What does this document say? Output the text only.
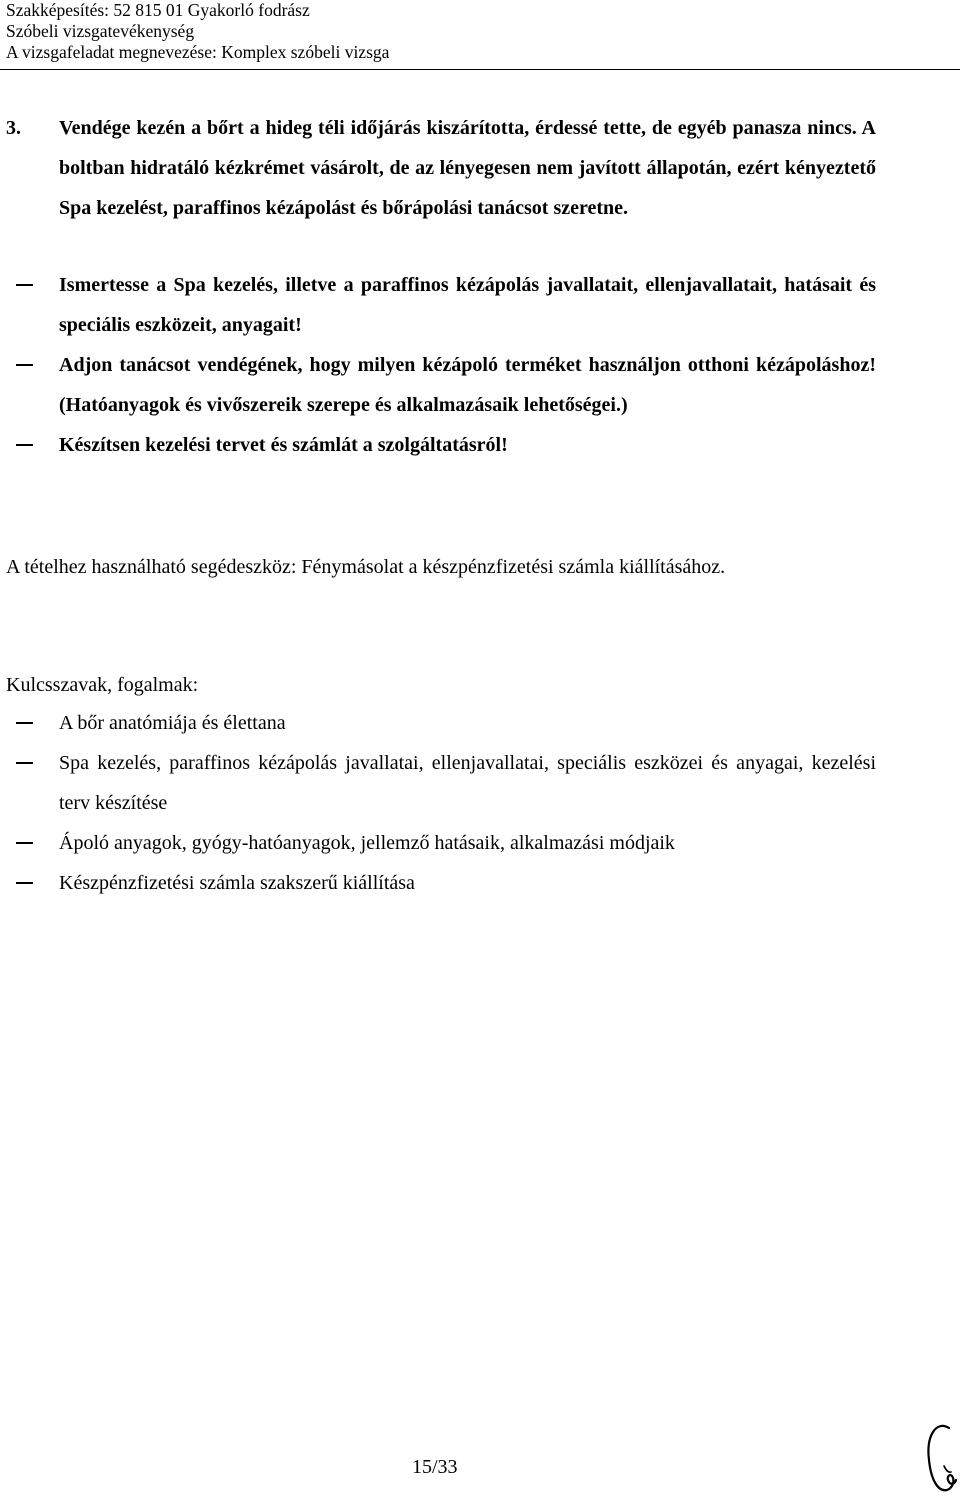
Szakképesítés: 52 815 01 Gyakorló fodrász
Szóbeli vizsgatevékenység
A vizsgafeladat megnevezése: Komplex szóbeli vizsga
3. Vendége kezén a bőrt a hideg téli időjárás kiszárította, érdessé tette, de egyéb panasza nincs. A boltban hidratáló kézkrémet vásárolt, de az lényegesen nem javított állapotán, ezért kényeztető Spa kezelést, paraffinos kézápolást és bőrápolási tanácsot szeretne.
Ismertesse a Spa kezelés, illetve a paraffinos kézápolás javallatait, ellenjavallatait, hatásait és speciális eszközeit, anyagait!
Adjon tanácsot vendégének, hogy milyen kézápoló terméket használjon otthoni kézápoláshoz! (Hatóanyagok és vivőszereik szerepe és alkalmazásaik lehetőségei.)
Készítsen kezelési tervet és számlát a szolgáltatásról!
A tételhez használható segédeszköz: Fénymásolat a készpénzfizetési számla kiállításához.
Kulcsszavak, fogalmak:
A bőr anatómiája és élettana
Spa kezelés, paraffinos kézápolás javallatai, ellenjavallatai, speciális eszközei és anyagai, kezelési terv készítése
Ápoló anyagok, gyógy-hatóanyagok, jellemző hatásaik, alkalmazási módjaik
Készpénzfizetési számla szakszerű kiállítása
15/33
